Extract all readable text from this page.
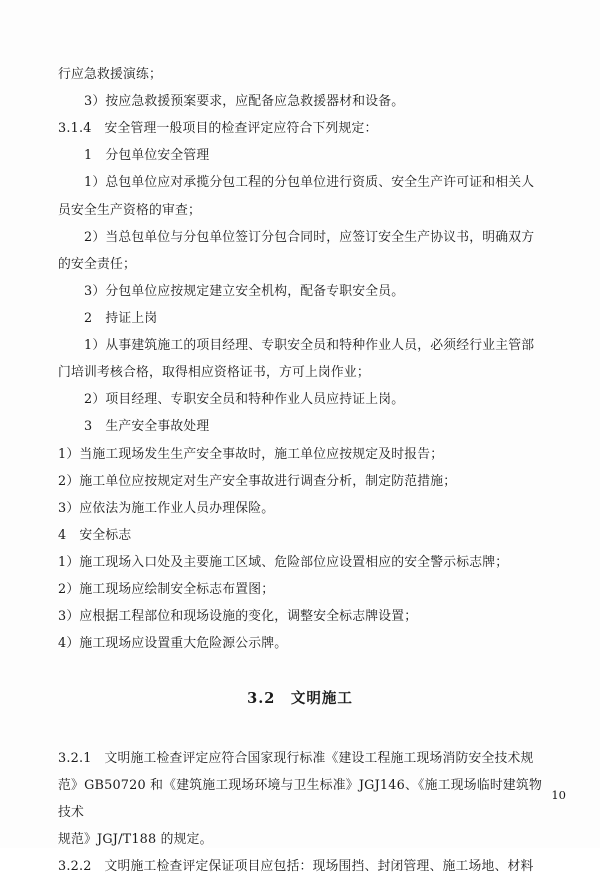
行应急救援演练；

3）按应急救援预案要求，应配备应急救援器材和设备。

3.1.4　安全管理一般项目的检查评定应符合下列规定：

1　分包单位安全管理

1）总包单位应对承揽分包工程的分包单位进行资质、安全生产许可证和相关人

员安全生产资格的审查；

2）当总包单位与分包单位签订分包合同时，应签订安全生产协议书，明确双方

的安全责任；

3）分包单位应按规定建立安全机构，配备专职安全员。

2　持证上岗

1）从事建筑施工的项目经理、专职安全员和特种作业人员，必须经行业主管部

门培训考核合格，取得相应资格证书，方可上岗作业；

2）项目经理、专职安全员和特种作业人员应持证上岗。

3　生产安全事故处理

1）当施工现场发生生产安全事故时，施工单位应按规定及时报告；

2）施工单位应按规定对生产安全事故进行调查分析，制定防范措施；

3）应依法为施工作业人员办理保险。

4　安全标志

1）施工现场入口处及主要施工区域、危险部位应设置相应的安全警示标志牌；

2）施工现场应绘制安全标志布置图；

3）应根据工程部位和现场设施的变化，调整安全标志牌设置；

4）施工现场应设置重大危险源公示牌。

3.2　文明施工

3.2.1　文明施工检查评定应符合国家现行标准《建设工程施工现场消防安全技术规

范》GB50720 和《建筑施工现场环境与卫生标准》JGJ146、《施工现场临时建筑物技术

规范》JGJ/T188 的规定。

3.2.2　文明施工检查评定保证项目应包括：现场围挡、封闭管理、施工场地、材料

10
